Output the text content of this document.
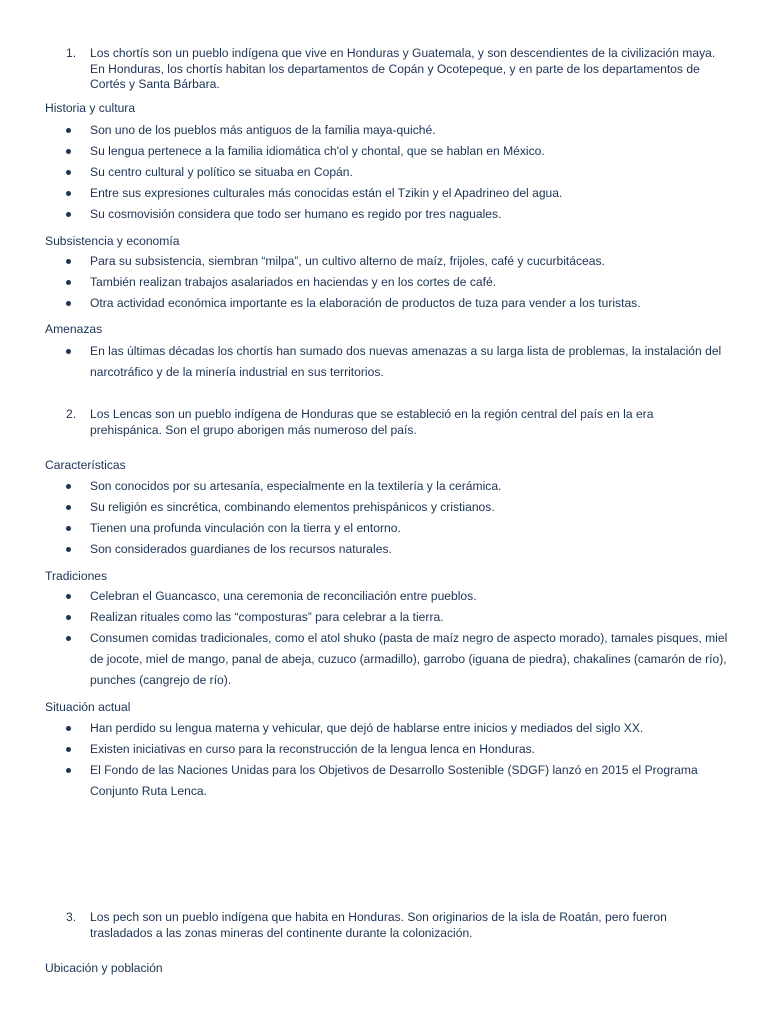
1.	Los chortís son un pueblo indígena que vive en Honduras y Guatemala, y son descendientes de la civilización maya. En Honduras, los chortís habitan los departamentos de Copán y Ocotepeque, y en parte de los departamentos de Cortés y Santa Bárbara.
Historia y cultura
Son uno de los pueblos más antiguos de la familia maya-quiché.
Su lengua pertenece a la familia idiomática ch'ol y chontal, que se hablan en México.
Su centro cultural y político se situaba en Copán.
Entre sus expresiones culturales más conocidas están el Tzikin y el Apadrineo del agua.
Su cosmovisión considera que todo ser humano es regido por tres naguales.
Subsistencia y economía
Para su subsistencia, siembran “milpa”, un cultivo alterno de maíz, frijoles, café y cucurbitáceas.
También realizan trabajos asalariados en haciendas y en los cortes de café.
Otra actividad económica importante es la elaboración de productos de tuza para vender a los turistas.
Amenazas
En las últimas décadas los chortís han sumado dos nuevas amenazas a su larga lista de problemas, la instalación del narcotráfico y de la minería industrial en sus territorios.
2.	Los Lencas son un pueblo indígena de Honduras que se estableció en la región central del país en la era prehispánica. Son el grupo aborigen más numeroso del país.
Características
Son conocidos por su artesanía, especialmente en la textilería y la cerámica.
Su religión es sincrética, combinando elementos prehispánicos y cristianos.
Tienen una profunda vinculación con la tierra y el entorno.
Son considerados guardianes de los recursos naturales.
Tradiciones
Celebran el Guancasco, una ceremonia de reconciliación entre pueblos.
Realizan rituales como las “composturas” para celebrar a la tierra.
Consumen comidas tradicionales, como el atol shuko (pasta de maíz negro de aspecto morado), tamales pisques, miel de jocote, miel de mango, panal de abeja, cuzuco (armadillo), garrobo (iguana de piedra), chakalines (camarón de río), punches (cangrejo de río).
Situación actual
Han perdido su lengua materna y vehicular, que dejó de hablarse entre inicios y mediados del siglo XX.
Existen iniciativas en curso para la reconstrucción de la lengua lenca en Honduras.
El Fondo de las Naciones Unidas para los Objetivos de Desarrollo Sostenible (SDGF) lanzó en 2015 el Programa Conjunto Ruta Lenca.
3.	Los pech son un pueblo indígena que habita en Honduras. Son originarios de la isla de Roatán, pero fueron trasladados a las zonas mineras del continente durante la colonización.
Ubicación y población
